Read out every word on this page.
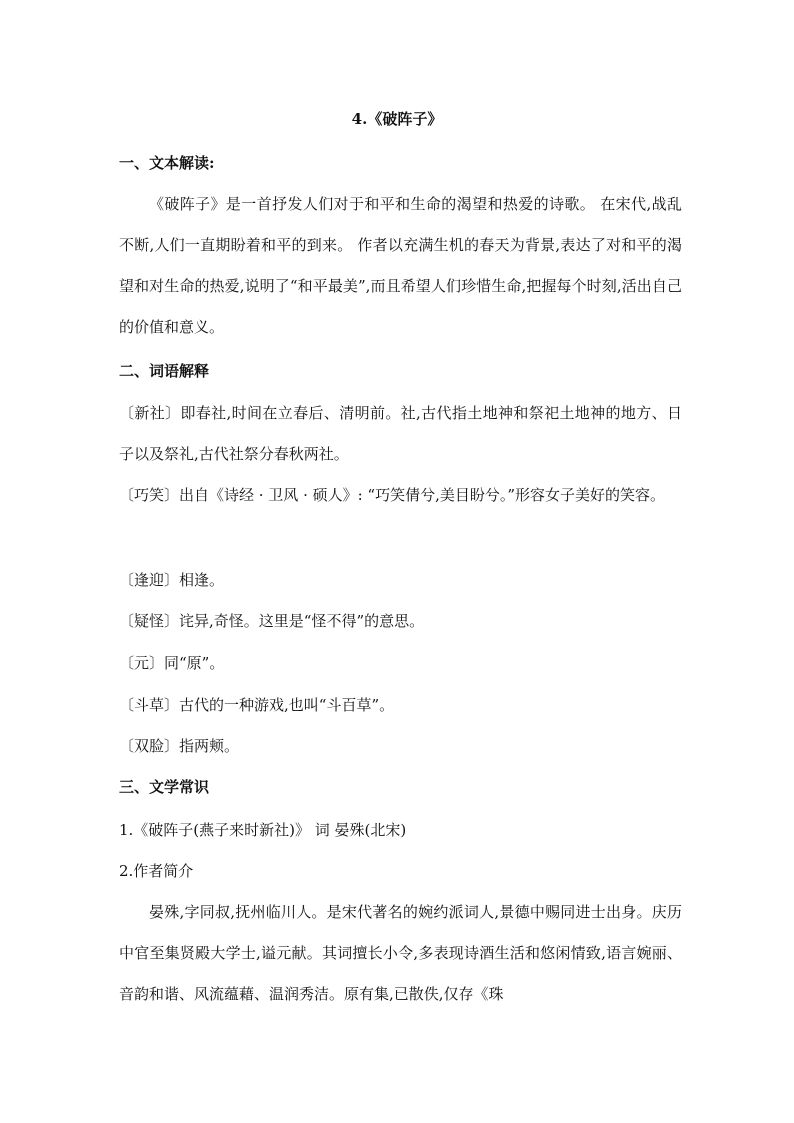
4.《破阵子》
一、文本解读:

《破阵子》是一首抒发人们对于和平和生命的渴望和热爱的诗歌。 在宋代,战乱不断,人们一直期盼着和平的到来。 作者以充满生机的春天为背景,表达了对和平的渴望和对生命的热爱,说明了“和平最美”,而且希望人们珍惜生命,把握每个时刻,活出自己的价值和意义。

二、词语解释

〔新社〕即春社,时间在立春后、清明前。社,古代指土地神和祭祀土地神的地方、日子以及祭礼,古代社祭分春秋两社。

〔巧笑〕出自《诗经 · 卫风 · 硕人》: “巧笑倩兮,美目盼兮。”形容女子美好的笑容。

〔逢迎〕相逢。
〔疑怪〕诧异,奇怪。这里是“怪不得”的意思。
〔元〕同“原”。
〔斗草〕古代的一种游戏,也叫“斗百草”。
〔双脸〕指两颊。
三、文学常识
1.《破阵子(燕子来时新社)》 词 晏殊(北宋)
2.作者简介

晏殊,字同叔,抚州临川人。是宋代著名的婉约派词人,景德中赐同进士出身。庆历中官至集贤殿大学士,谥元献。其词擅长小令,多表现诗酒生活和悠闲情致,语言婉丽、音韵和谐、风流蕴藉、温润秀洁。原有集,已散佚,仅存《珠
